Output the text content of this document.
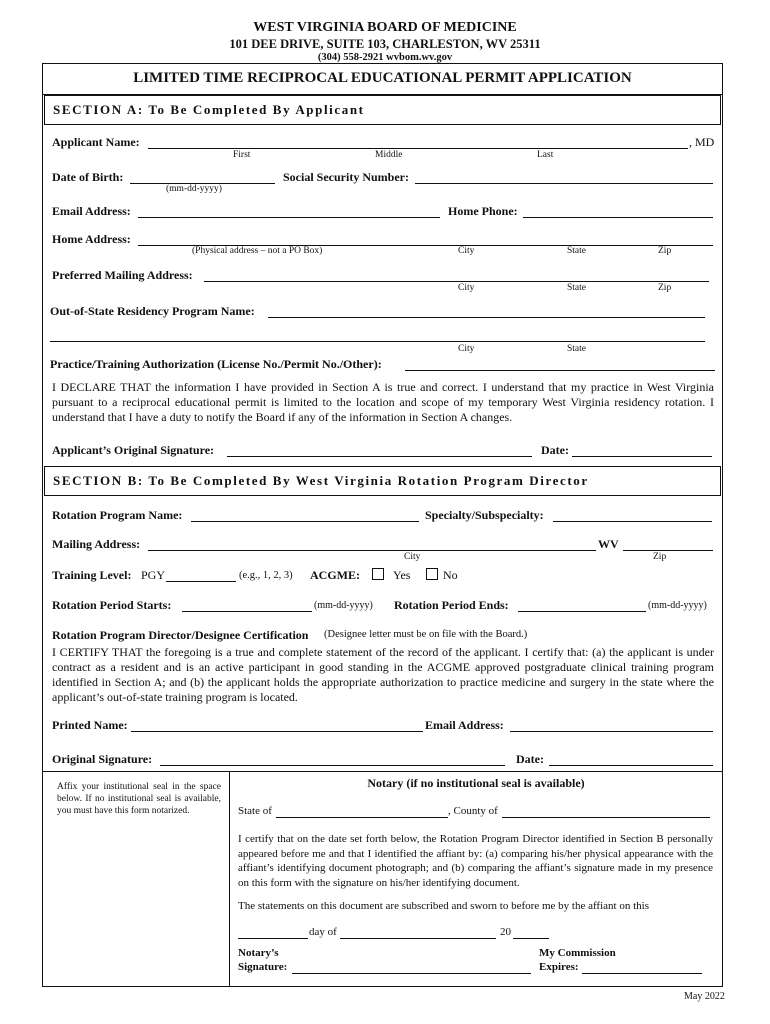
WEST VIRGINIA BOARD OF MEDICINE
101 DEE DRIVE, SUITE 103, CHARLESTON, WV 25311
(304) 558-2921 wvbom.wv.gov
LIMITED TIME RECIPROCAL EDUCATIONAL PERMIT APPLICATION
SECTION A: To Be Completed By Applicant
Applicant Name:	, MD
First	Middle	Last
Date of Birth:
(mm-dd-yyyy)
Social Security Number:
Email Address:	Home Phone:
Home Address:
(Physical address – not a PO Box)	City	State	Zip
Preferred Mailing Address:
City	State	Zip
Out-of-State Residency Program Name:
City	State
Practice/Training Authorization (License No./Permit No./Other):
I DECLARE THAT the information I have provided in Section A is true and correct. I understand that my practice in West Virginia pursuant to a reciprocal educational permit is limited to the location and scope of my temporary West Virginia residency rotation. I understand that I have a duty to notify the Board if any of the information in Section A changes.
Applicant’s Original Signature:	Date:
SECTION B: To Be Completed By West Virginia Rotation Program Director
Rotation Program Name:	Specialty/Subspecialty:
Mailing Address:	WV
City	Zip
Training Level: PGY	(e.g., 1, 2, 3) ACGME:	Yes	No
Rotation Period Starts:	(mm-dd-yyyy) Rotation Period Ends:	(mm-dd-yyyy)
Rotation Program Director/Designee Certification (Designee letter must be on file with the Board.)
I CERTIFY THAT the foregoing is a true and complete statement of the record of the applicant. I certify that: (a) the applicant is under contract as a resident and is an active participant in good standing in the ACGME approved postgraduate clinical training program identified in Section A; and (b) the applicant holds the appropriate authorization to practice medicine and surgery in the state where the applicant’s out-of-state training program is located.
Printed Name:	Email Address:
Original Signature:	Date:
Affix your institutional seal in the space below. If no institutional seal is available, you must have this form notarized.
Notary (if no institutional seal is available)
State of	, County of
I certify that on the date set forth below, the Rotation Program Director identified in Section B personally appeared before me and that I identified the affiant by: (a) comparing his/her physical appearance with the affiant’s identifying document photograph; and (b) comparing the affiant’s signature made in my presence on this form with the signature on his/her identifying document.
The statements on this document are subscribed and sworn to before me by the affiant on this
day of	20
Notary’s
Signature:
My Commission
Expires:
May 2022
